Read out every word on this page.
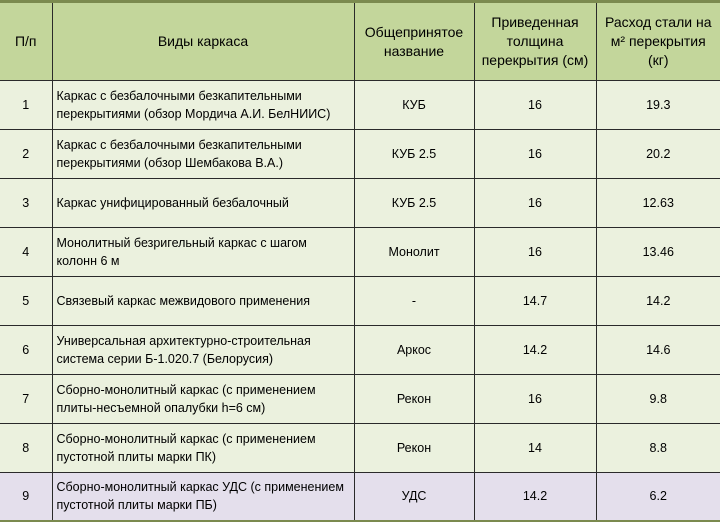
П/п	Виды каркаса	Общепринятое название	Приведенная толщина перекрытия (см)	Расход стали на м² перекрытия (кг)
1	Каркас с безбалочными безкапительными перекрытиями (обзор Мордича А.И. БелНИИС)	КУБ	16	19.3
2	Каркас с безбалочными безкапительными перекрытиями (обзор Шембакова В.А.)	КУБ 2.5	16	20.2
3	Каркас унифицированный безбалочный	КУБ 2.5	16	12.63
4	Монолитный безригельный каркас с шагом колонн 6 м	Монолит	16	13.46
5	Связевый каркас межвидового применения	-	14.7	14.2
6	Универсальная архитектурно-строительная система серии Б-1.020.7 (Белорусия)	Аркос	14.2	14.6
7	Сборно-монолитный каркас (с применением плиты-несъемной опалубки h=6 см)	Рекон	16	9.8
8	Сборно-монолитный каркас (с применением пустотной плиты марки ПК)	Рекон	14	8.8
9	Сборно-монолитный каркас УДС (с применением пустотной плиты марки ПБ)	УДС	14.2	6.2
